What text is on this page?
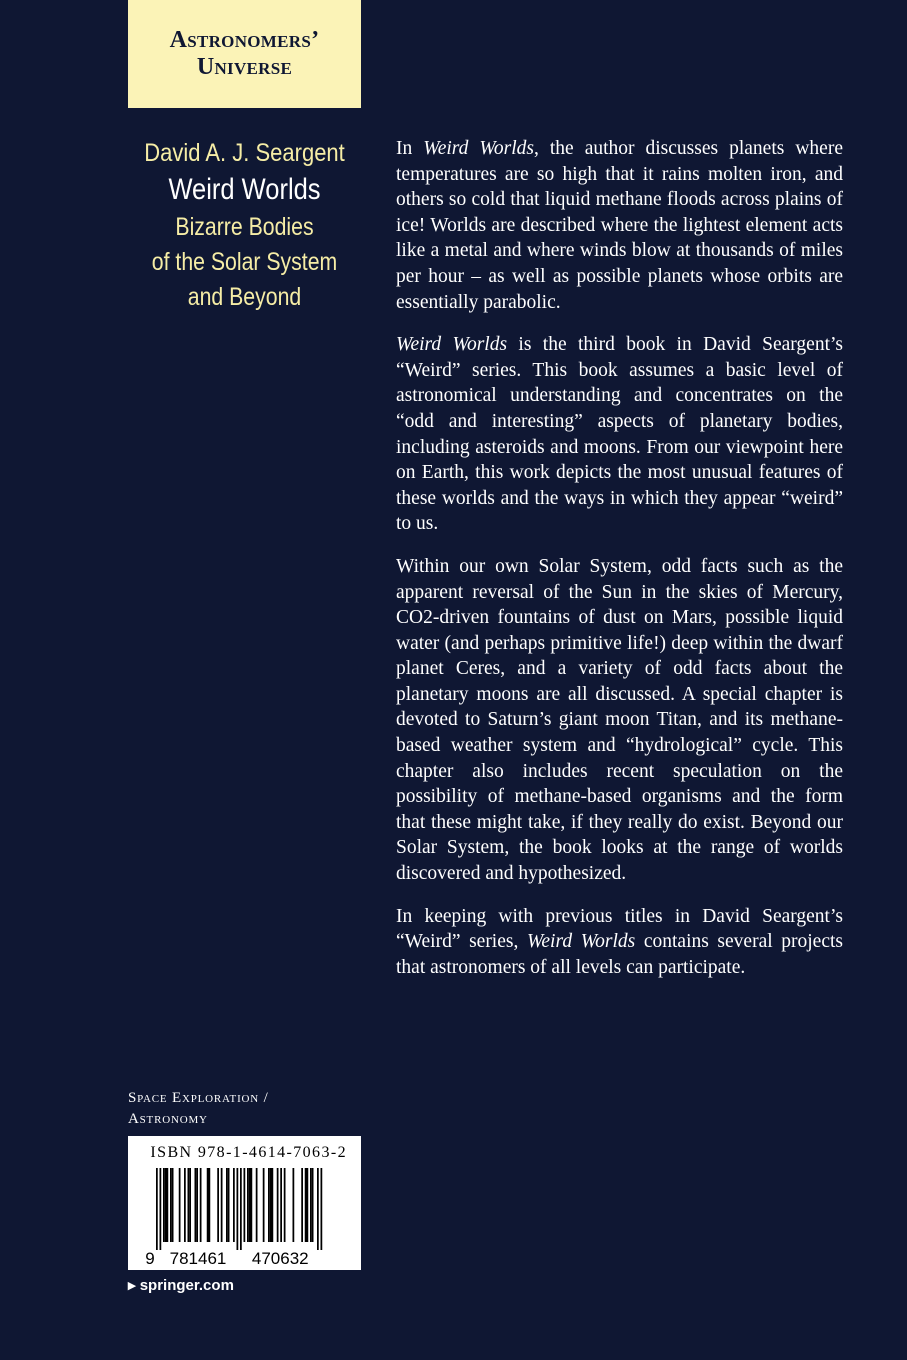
Astronomers’
Universe
David A. J. Seargent
Weird Worlds
Bizarre Bodies
of the Solar System
and Beyond

In Weird Worlds, the author discusses planets where temperatures are so high that it rains molten iron, and others so cold that liquid methane floods across plains of ice! Worlds are described where the lightest element acts like a metal and where winds blow at thousands of miles per hour – as well as possible planets whose orbits are essentially parabolic.

Weird Worlds is the third book in David Seargent’s “Weird” series. This book assumes a basic level of astronomical understanding and concentrates on the “odd and interesting” aspects of planetary bodies, including asteroids and moons. From our viewpoint here on Earth, this work depicts the most unusual features of these worlds and the ways in which they appear “weird” to us.

Within our own Solar System, odd facts such as the apparent reversal of the Sun in the skies of Mercury, CO2-driven fountains of dust on Mars, possible liquid water (and perhaps primitive life!) deep within the dwarf planet Ceres, and a variety of odd facts about the planetary moons are all discussed. A special chapter is devoted to Saturn’s giant moon Titan, and its methane-based weather system and “hydrological” cycle. This chapter also includes recent speculation on the possibility of methane-based organisms and the form that these might take, if they really do exist. Beyond our Solar System, the book looks at the range of worlds discovered and hypothesized.

In keeping with previous titles in David Seargent’s “Weird” series, Weird Worlds contains several projects that astronomers of all levels can participate.

Space Exploration /
Astronomy
ISBN 978-1-4614-7063-2
9 781461 470632
▸ springer.com
